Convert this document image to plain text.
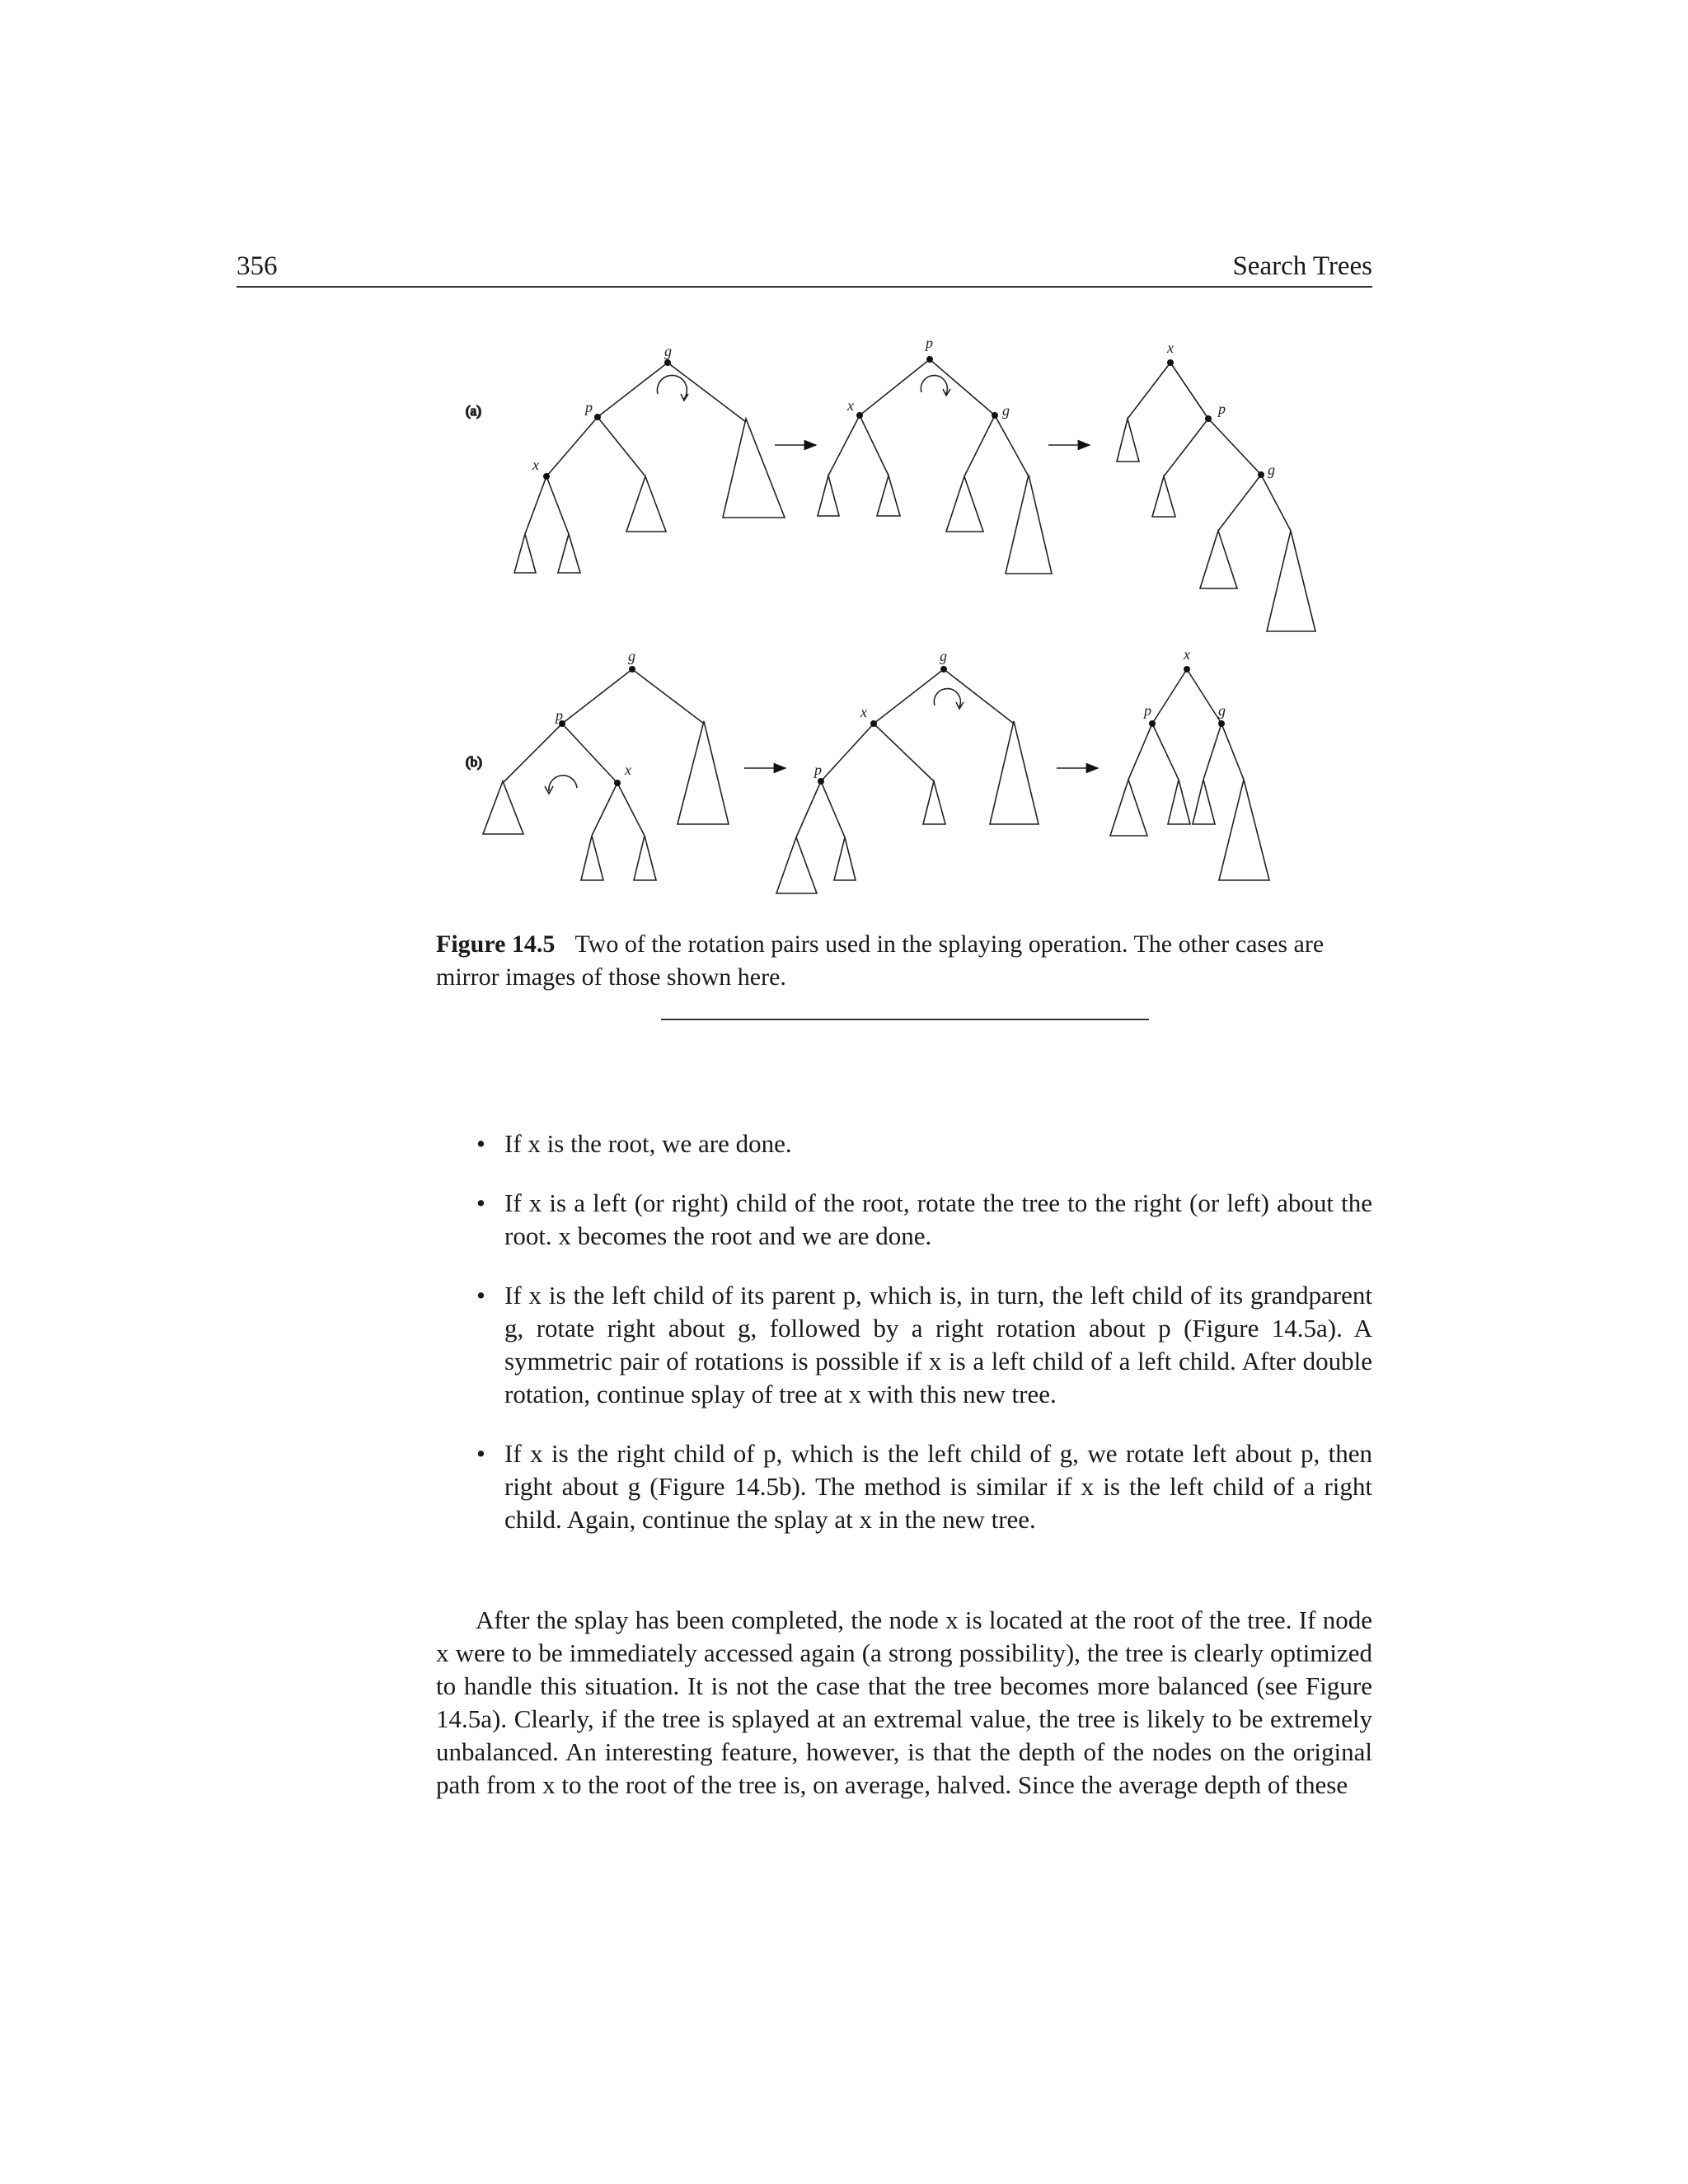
356	Search Trees
(a)
g
p
x
p
x	g
x
p
g
(b)
g
p
x
g
x
p
x
p	g
Figure 14.5 Two of the rotation pairs used in the splaying operation. The other cases are mirror images of those shown here.
• If x is the root, we are done.
• If x is a left (or right) child of the root, rotate the tree to the right (or left) about the root. x becomes the root and we are done.
• If x is the left child of its parent p, which is, in turn, the left child of its grandparent g, rotate right about g, followed by a right rotation about p (Figure 14.5a). A symmetric pair of rotations is possible if x is a left child of a left child. After double rotation, continue splay of tree at x with this new tree.
• If x is the right child of p, which is the left child of g, we rotate left about p, then right about g (Figure 14.5b). The method is similar if x is the left child of a right child. Again, continue the splay at x in the new tree.

After the splay has been completed, the node x is located at the root of the tree. If node x were to be immediately accessed again (a strong possibility), the tree is clearly optimized to handle this situation. It is not the case that the tree becomes more balanced (see Figure 14.5a). Clearly, if the tree is splayed at an extremal value, the tree is likely to be extremely unbalanced. An interesting feature, however, is that the depth of the nodes on the original path from x to the root of the tree is, on average, halved. Since the average depth of these
